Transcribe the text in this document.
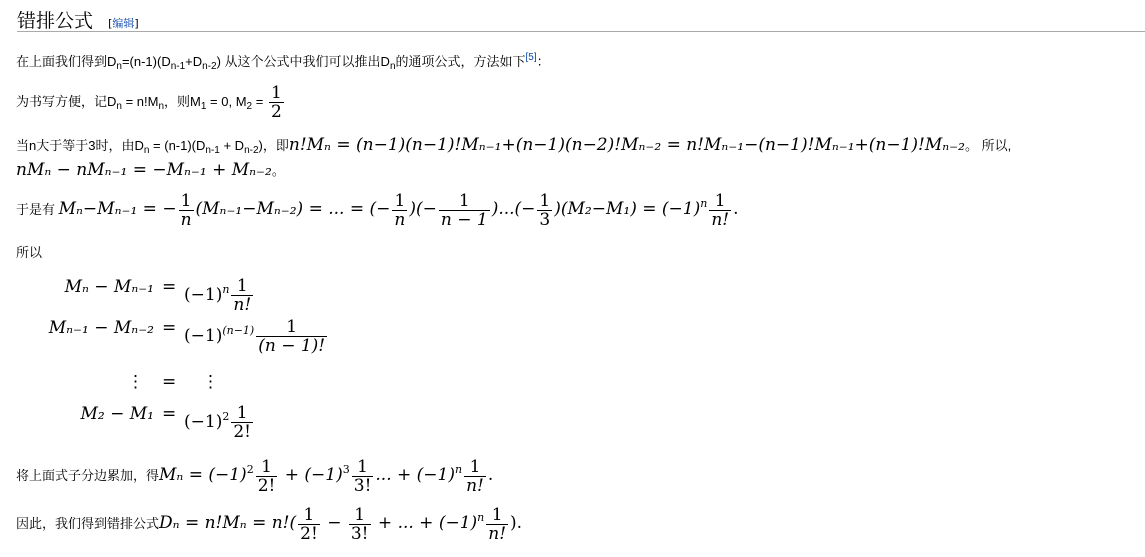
错排公式 [编辑]
在上面我们得到$D_n=(n-1)(D_{n-1}+D_{n-2})$ 从这个公式中我们可以推出$D_n$的通项公式，方法如下[5]：
为书写方便，记$D_n = n!M_n$，则$M_1 = 0$, $M_2 = \frac{1}{2}$
当n大于等于3时，由$D_n = (n-1)(D_{n-1} + D_{n-2})$，即n!Mₙ = (n−1)(n−1)!Mₙ₋₁+(n−1)(n−2)!Mₙ₋₂ = n!Mₙ₋₁−(n−1)!Mₙ₋₁+(n−1)!Mₙ₋₂。 所以,
nMₙ − nMₙ₋₁ = −Mₙ₋₁ + Mₙ₋₂。
于是有 Mₙ−Mₙ₋₁ = − $\frac{1}{n} (M_{n-1}-M_{n-2})$ = ... = (− $\frac{1}{n}$ )(− $\frac{1}{n - 1}$ )...(− $\frac{1}{3} )(M_2-M_1) = (-1)^n \frac{1}{n!}$ .
所以
$M_n - M_{n-1} = (-1)^n \frac{1}{n!}$
$M_{n-1} - M_{n-2} = (-1)^{(n-1)} \frac{1}{(n - 1)!}$
⋮ = ⋮
$M_2 - M_1 = (-1)^2 \frac{1}{2!}$
将上面式子分边累加，得$M_n = (-1)^2 \frac{1}{2!} + (-1)^3 \frac{1}{3!}$ ... + $(-1)^n \frac{1}{n!}$ .
因此，我们得到错排公式$D_n = n!M_n = n!( \frac{1}{2!} - \frac{1}{3!}$ + ... + $(-1)^n \frac{1}{n!}$ ).
